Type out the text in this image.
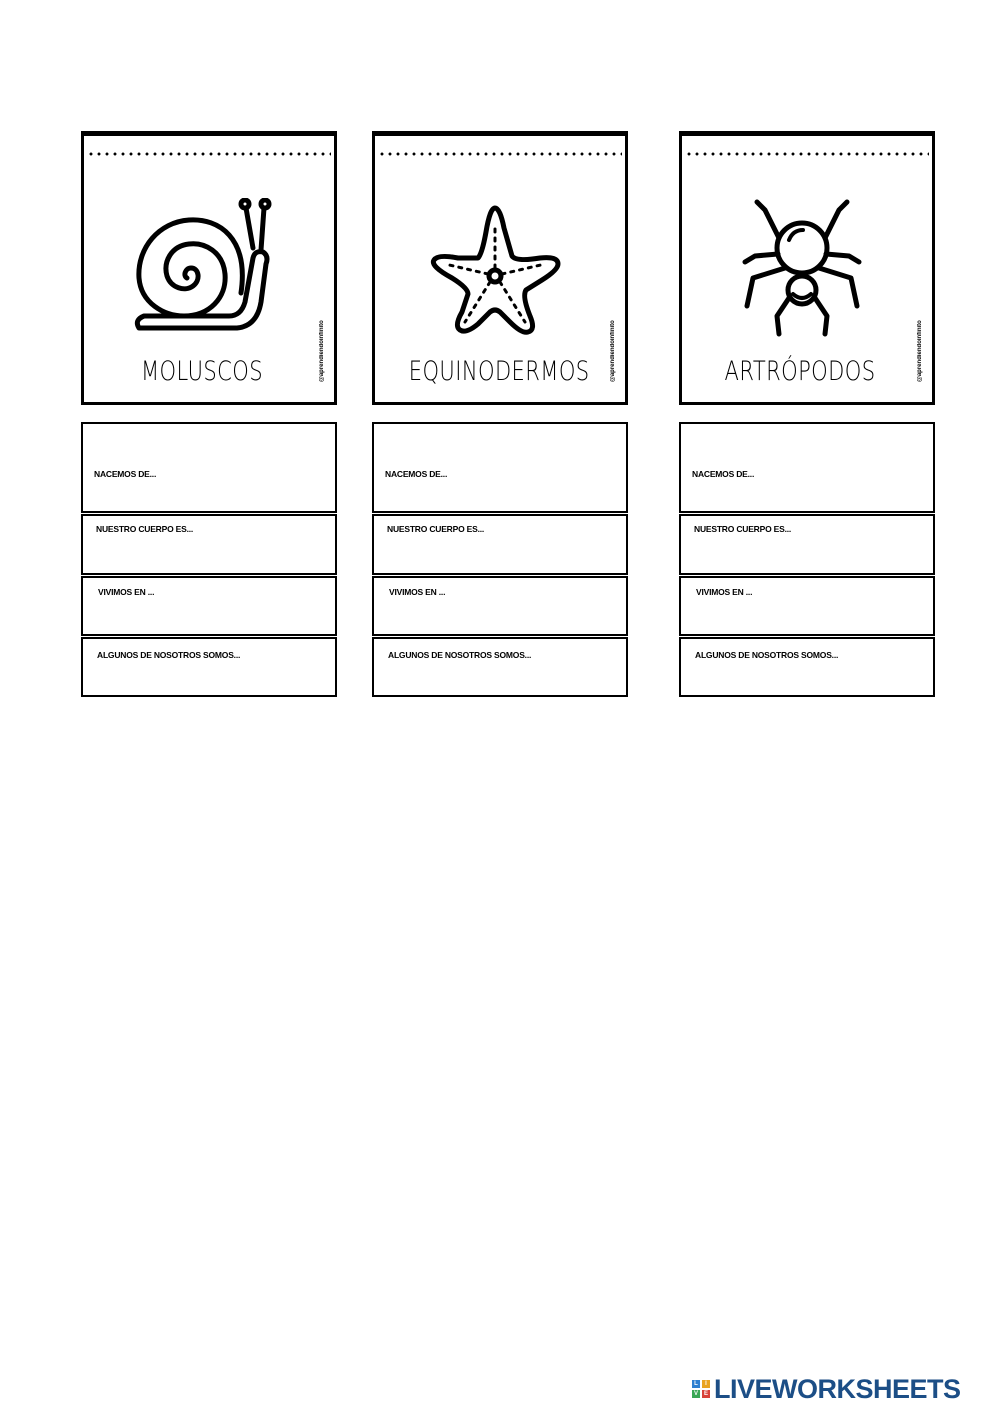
MOLUSCOS	@aprendiendoinfinito	EQUINODERMOS	@aprendiendoinfinito	ARTRÓPODOS	@aprendiendoinfinito
NACEMOS DE...
NUESTRO CUERPO ES...
VIVIMOS EN ...
ALGUNOS DE NOSOTROS SOMOS...
NACEMOS DE...
NUESTRO CUERPO ES...
VIVIMOS EN ...
ALGUNOS DE NOSOTROS SOMOS...
NACEMOS DE...
NUESTRO CUERPO ES...
VIVIMOS EN ...
ALGUNOS DE NOSOTROS SOMOS...
L	I
V E LIVEWORKSHEETS
